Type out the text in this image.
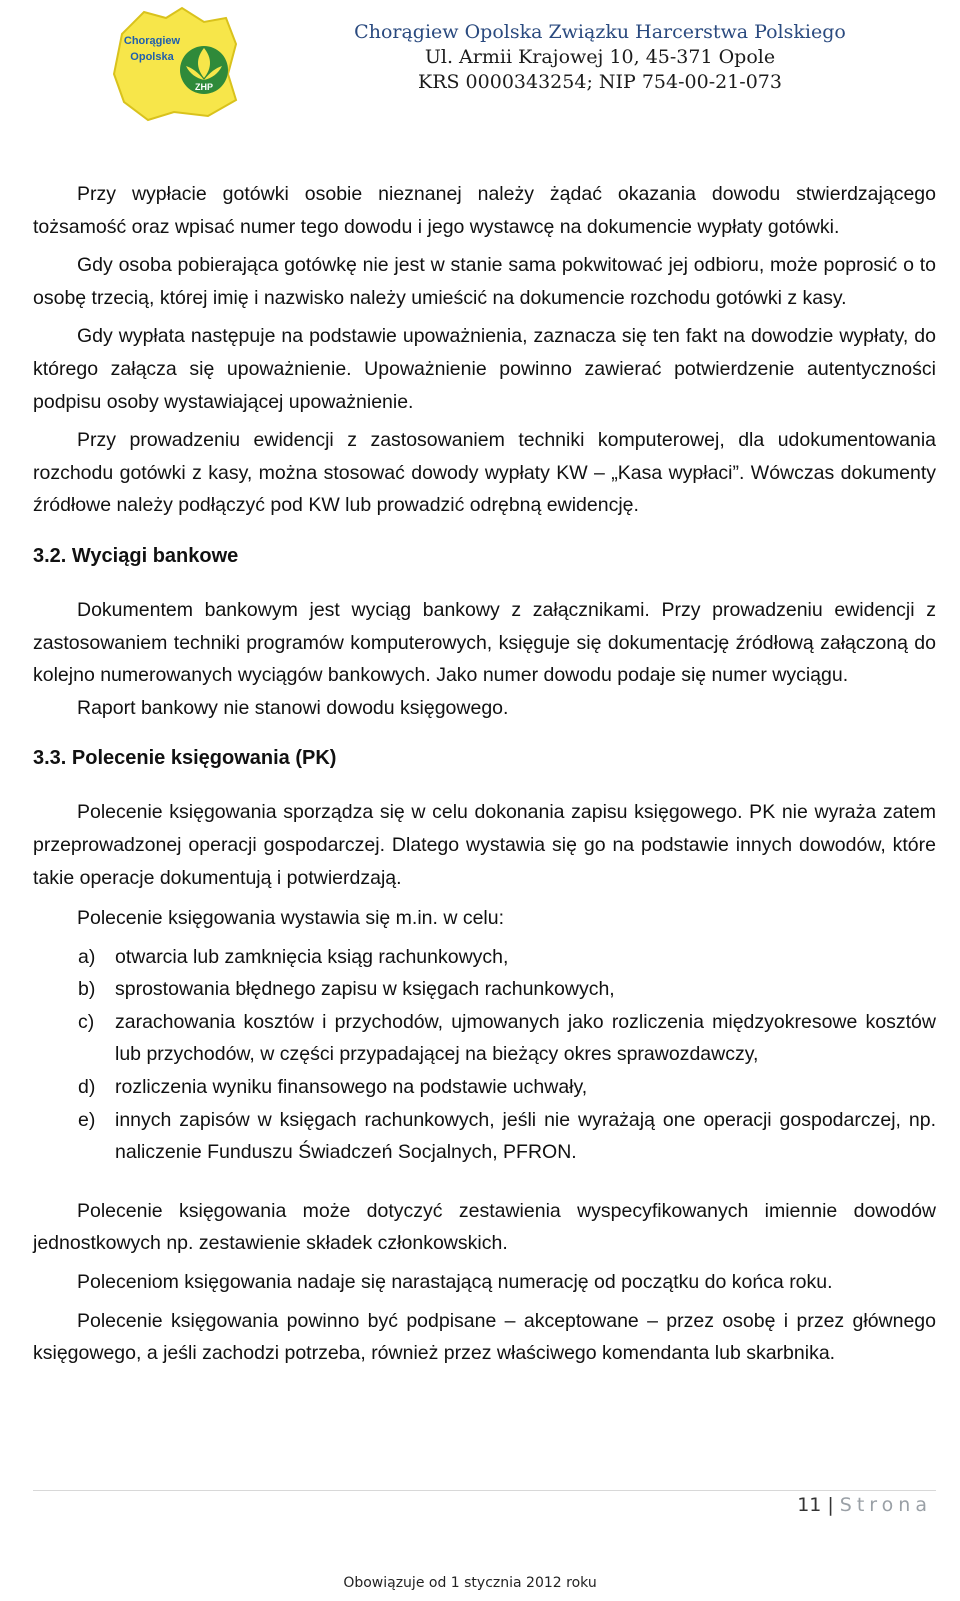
Chorągiew
Opolska
ZHP
Chorągiew Opolska Związku Harcerstwa Polskiego
Ul. Armii Krajowej 10, 45-371 Opole
KRS 0000343254; NIP 754-00-21-073

Przy wypłacie gotówki osobie nieznanej należy żądać okazania dowodu stwierdzającego tożsamość oraz wpisać numer tego dowodu i jego wystawcę na dokumencie wypłaty gotówki.

Gdy osoba pobierająca gotówkę nie jest w stanie sama pokwitować jej odbioru, może poprosić o to osobę trzecią, której imię i nazwisko należy umieścić na dokumencie rozchodu gotówki z kasy.

Gdy wypłata następuje na podstawie upoważnienia, zaznacza się ten fakt na dowodzie wypłaty, do którego załącza się upoważnienie. Upoważnienie powinno zawierać potwierdzenie autentyczności podpisu osoby wystawiającej upoważnienie.

Przy prowadzeniu ewidencji z zastosowaniem techniki komputerowej, dla udokumentowania rozchodu gotówki z kasy, można stosować dowody wypłaty KW – „Kasa wypłaci”. Wówczas dokumenty źródłowe należy podłączyć pod KW lub prowadzić odrębną ewidencję.

3.2. Wyciągi bankowe

Dokumentem bankowym jest wyciąg bankowy z załącznikami. Przy prowadzeniu ewidencji z zastosowaniem techniki programów komputerowych, księguje się dokumentację źródłową załączoną do kolejno numerowanych wyciągów bankowych. Jako numer dowodu podaje się numer wyciągu.

Raport bankowy nie stanowi dowodu księgowego.

3.3. Polecenie księgowania (PK)

Polecenie księgowania sporządza się w celu dokonania zapisu księgowego. PK nie wyraża zatem przeprowadzonej operacji gospodarczej. Dlatego wystawia się go na podstawie innych dowodów, które takie operacje dokumentują i potwierdzają.

Polecenie księgowania wystawia się m.in. w celu:

a) otwarcia lub zamknięcia ksiąg rachunkowych,
b) sprostowania błędnego zapisu w księgach rachunkowych,
c) zarachowania kosztów i przychodów, ujmowanych jako rozliczenia międzyokresowe kosztów lub przychodów, w części przypadającej na bieżący okres sprawozdawczy,
d) rozliczenia wyniku finansowego na podstawie uchwały,
e) innych zapisów w księgach rachunkowych, jeśli nie wyrażają one operacji gospodarczej, np. naliczenie Funduszu Świadczeń Socjalnych, PFRON.

Polecenie księgowania może dotyczyć zestawienia wyspecyfikowanych imiennie dowodów jednostkowych np. zestawienie składek członkowskich.

Poleceniom księgowania nadaje się narastającą numerację od początku do końca roku.

Polecenie księgowania powinno być podpisane – akceptowane – przez osobę i przez głównego księgowego, a jeśli zachodzi potrzeba, również przez właściwego komendanta lub skarbnika.

11 | Strona
Obowiązuje od 1 stycznia 2012 roku
